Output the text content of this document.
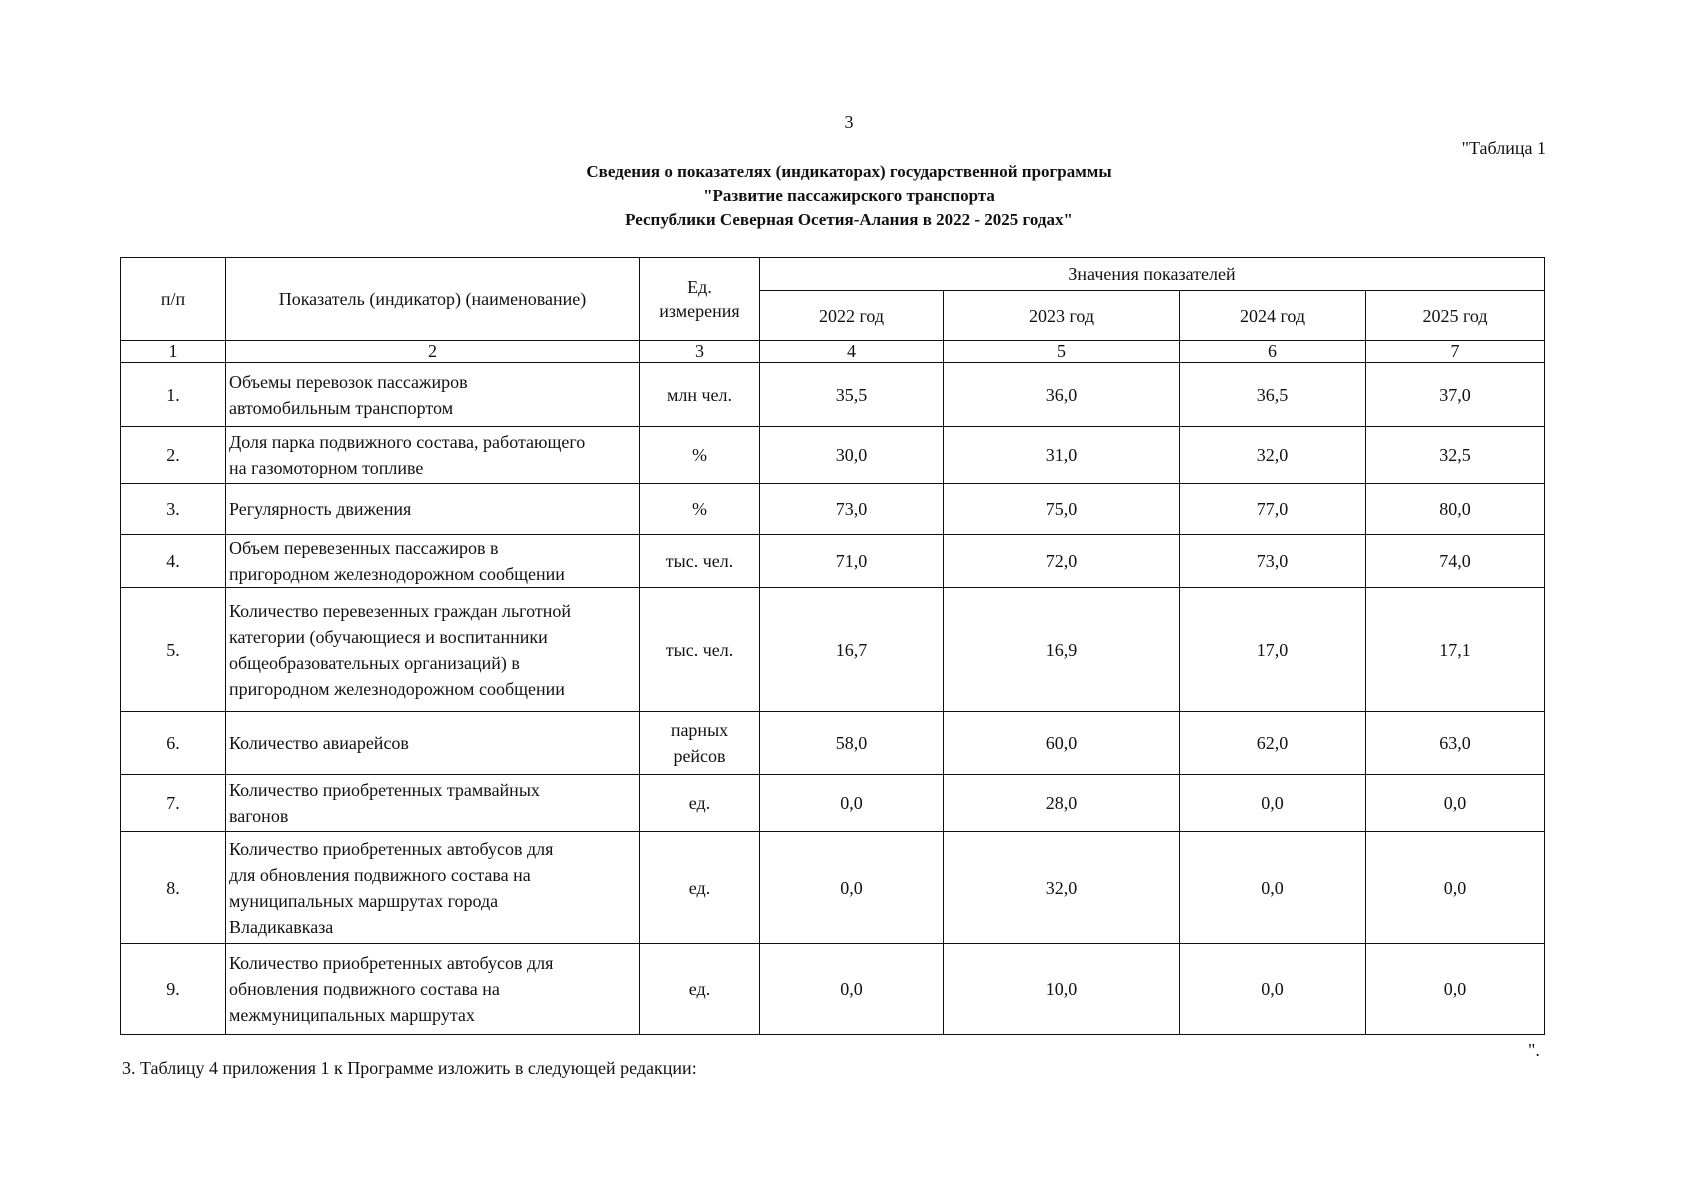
3
"Таблица 1
Сведения о показателях (индикаторах) государственной программы
"Развитие пассажирского транспорта
Республики Северная Осетия-Алания в 2022 - 2025 годах"
п/п	Показатель (индикатор) (наименование)	Ед.
измерения	Значения показателей			
			2022 год	2023 год	2024 год	2025 год
1	2	3	4	5	6	7
1.	Объемы перевозок пассажиров
автомобильным транспортом	млн чел.	35,5	36,0	36,5	37,0
2.	Доля парка подвижного состава, работающего
на газомоторном топливе	%	30,0	31,0	32,0	32,5
3.	Регулярность движения	%	73,0	75,0	77,0	80,0
4.	Объем перевезенных пассажиров в
пригородном железнодорожном сообщении	тыс. чел.	71,0	72,0	73,0	74,0
5.	Количество перевезенных граждан льготной
категории (обучающиеся и воспитанники
общеобразовательных организаций) в
пригородном железнодорожном сообщении	тыс. чел.	16,7	16,9	17,0	17,1
6.	Количество авиарейсов	парных
рейсов	58,0	60,0	62,0	63,0
7.	Количество приобретенных трамвайных
вагонов	ед.	0,0	28,0	0,0	0,0
8.	Количество приобретенных автобусов для
для обновления подвижного состава на
муниципальных маршрутах города
Владикавказа	ед.	0,0	32,0	0,0	0,0
9.	Количество приобретенных автобусов для
обновления подвижного состава на
межмуниципальных маршрутах	ед.	0,0	10,0	0,0	0,0
".
3. Таблицу 4 приложения 1 к Программе изложить в следующей редакции:
